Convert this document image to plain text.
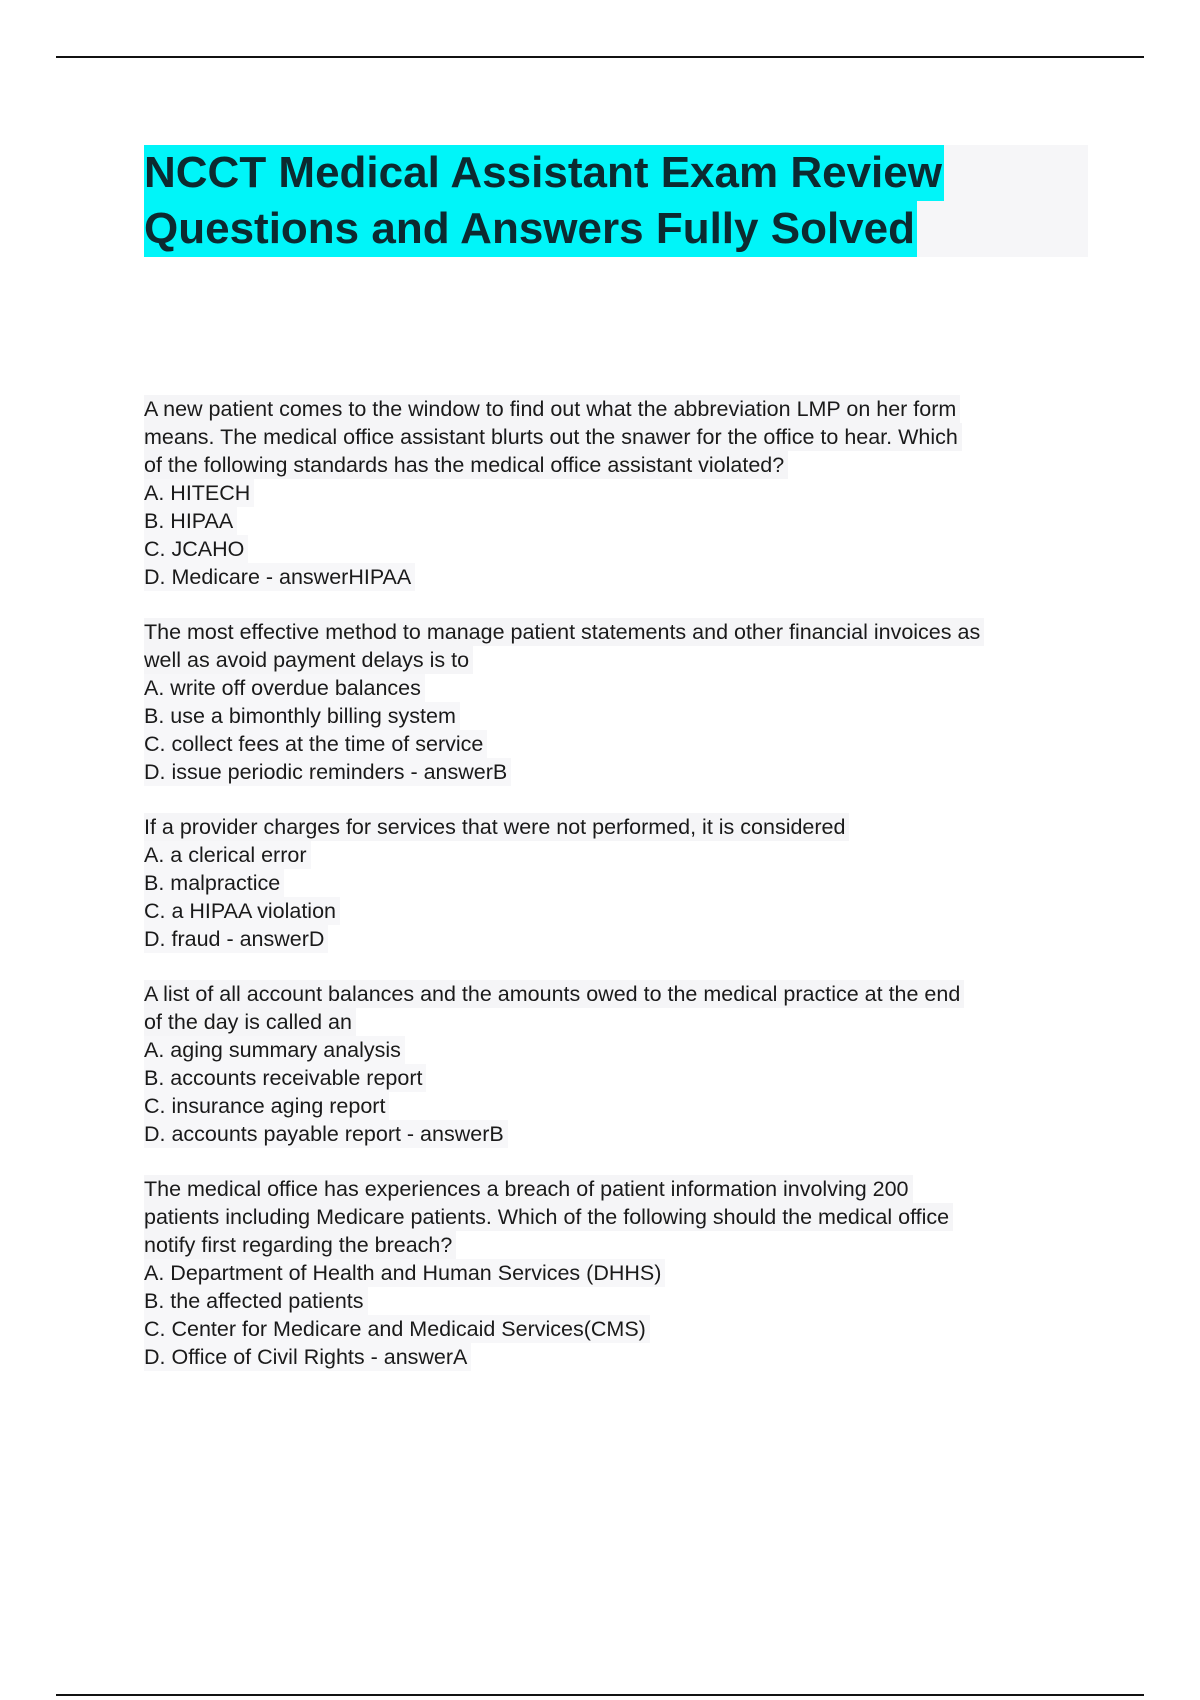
NCCT Medical Assistant Exam Review
Questions and Answers Fully Solved
A new patient comes to the window to find out what the abbreviation LMP on her form
means. The medical office assistant blurts out the snawer for the office to hear. Which
of the following standards has the medical office assistant violated?
A. HITECH
B. HIPAA
C. JCAHO
D. Medicare - answerHIPAA
The most effective method to manage patient statements and other financial invoices as
well as avoid payment delays is to
A. write off overdue balances
B. use a bimonthly billing system
C. collect fees at the time of service
D. issue periodic reminders - answerB
If a provider charges for services that were not performed, it is considered
A. a clerical error
B. malpractice
C. a HIPAA violation
D. fraud - answerD
A list of all account balances and the amounts owed to the medical practice at the end
of the day is called an
A. aging summary analysis
B. accounts receivable report
C. insurance aging report
D. accounts payable report - answerB
The medical office has experiences a breach of patient information involving 200
patients including Medicare patients. Which of the following should the medical office
notify first regarding the breach?
A. Department of Health and Human Services (DHHS)
B. the affected patients
C. Center for Medicare and Medicaid Services(CMS)
D. Office of Civil Rights - answerA
